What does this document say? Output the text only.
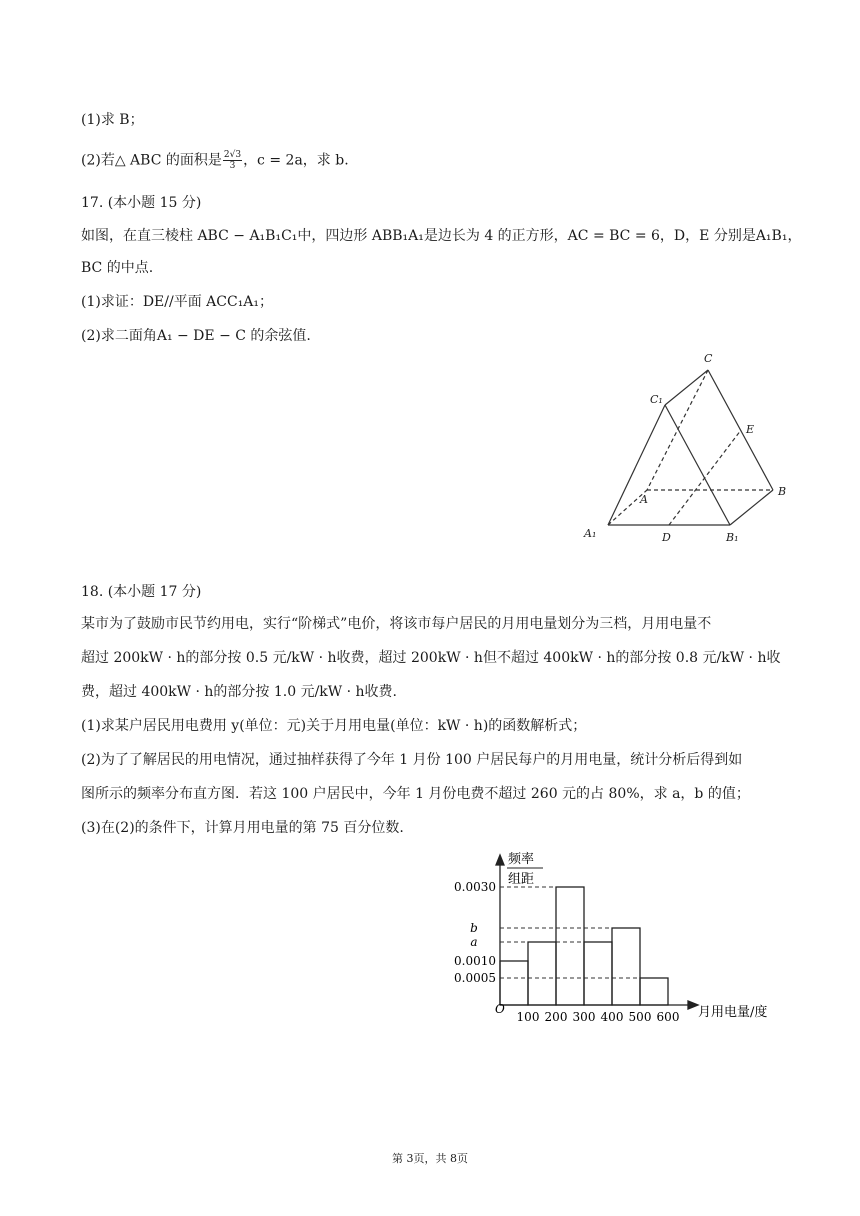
(1)求 B；
(2)若△ ABC 的面积是 $\frac{2√3}{3}$ ，c = 2a，求 b.
17. (本小题 15 分)
如图，在直三棱柱 ABC − A₁B₁C₁中，四边形 ABB₁A₁是边长为 4 的正方形，AC = BC = 6，D，E 分别是A₁B₁，
BC 的中点.
(1)求证：DE//平面 ACC₁A₁；
(2)求二面角A₁ − DE − C 的余弦值.
C
C₁
E
A
B
A₁	D	B₁
18. (本小题 17 分)
某市为了鼓励市民节约用电，实行“阶梯式”电价，将该市每户居民的月用电量划分为三档，月用电量不
超过 200kW · h的部分按 0.5 元/kW · h收费，超过 200kW · h但不超过 400kW · h的部分按 0.8 元/kW · h收
费，超过 400kW · h的部分按 1.0 元/kW · h收费.
(1)求某户居民用电费用 y(单位：元)关于月用电量(单位：kW · h)的函数解析式；
(2)为了了解居民的用电情况，通过抽样获得了今年 1 月份 100 户居民每户的月用电量，统计分析后得到如
图所示的频率分布直方图．若这 100 户居民中，今年 1 月份电费不超过 260 元的占 80%，求 a，b 的值；
(3)在(2)的条件下，计算月用电量的第 75 百分位数.
0.0030
b
a
0.0010
0.0005
100 200 300 400 500 600
频率
组距
O	月用电量/度
第 3页，共 8页
